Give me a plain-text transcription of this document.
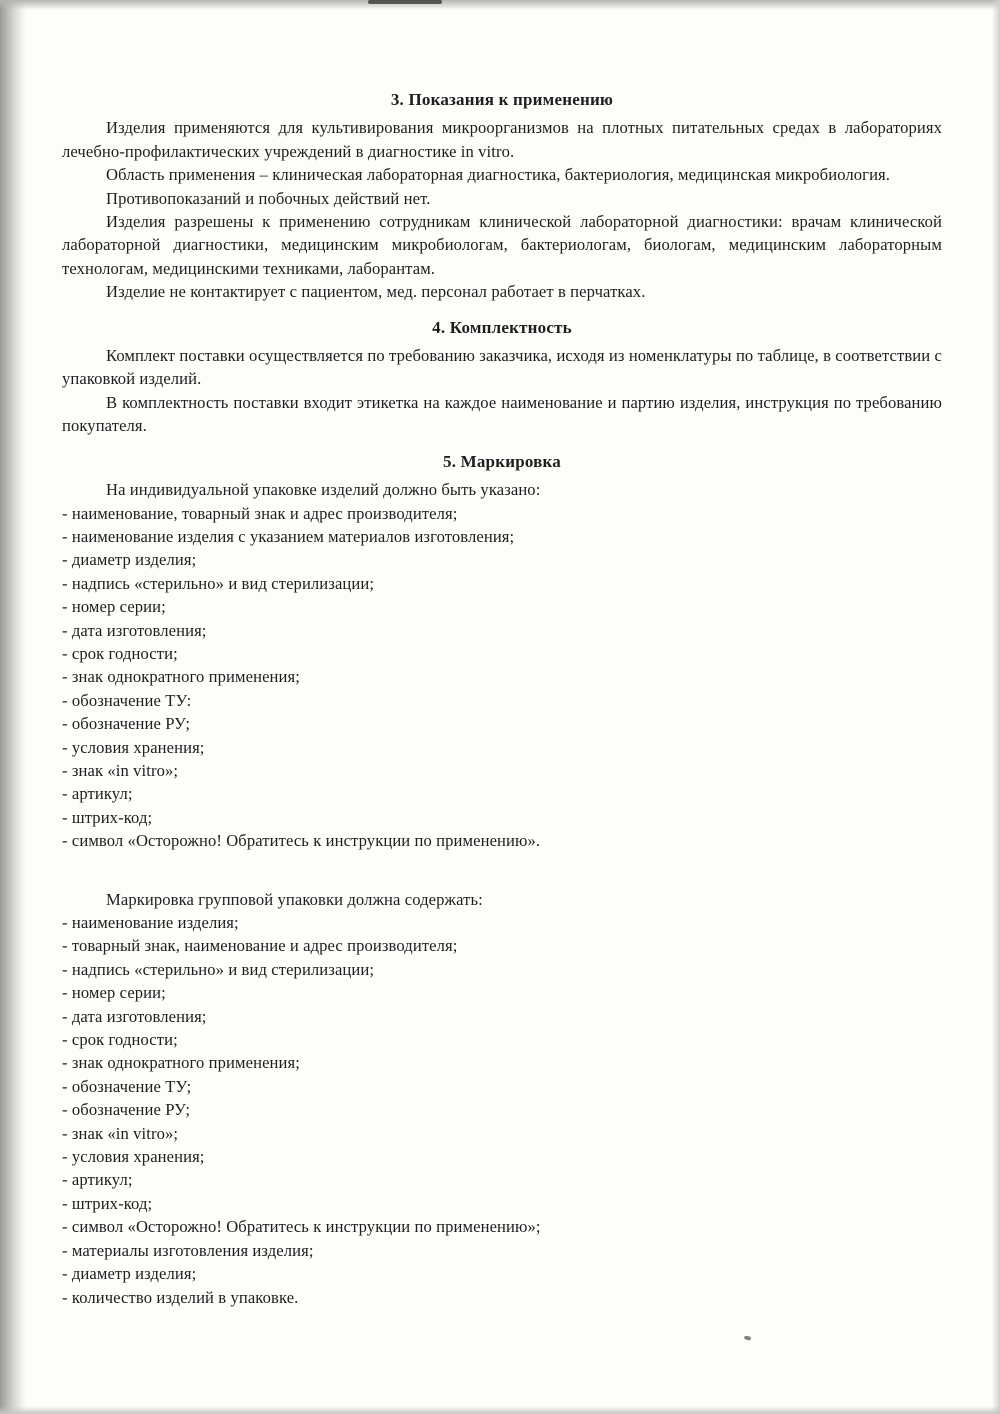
3. Показания к применению

Изделия применяются для культивирования микроорганизмов на плотных питательных средах в лабораториях лечебно-профилактических учреждений в диагностике in vitro.

Область применения – клиническая лабораторная диагностика, бактериология, медицинская микробиология.

Противопоказаний и побочных действий нет.

Изделия разрешены к применению сотрудникам клинической лабораторной диагностики: врачам клинической лабораторной диагностики, медицинским микробиологам, бактериологам, биологам, медицинским лабораторным технологам, медицинскими техниками, лаборантам.

Изделие не контактирует с пациентом, мед. персонал работает в перчатках.

4. Комплектность

Комплект поставки осуществляется по требованию заказчика, исходя из номенклатуры по таблице, в соответствии с упаковкой изделий.

В комплектность поставки входит этикетка на каждое наименование и партию изделия, инструкция по требованию покупателя.

5. Маркировка

На индивидуальной упаковке изделий должно быть указано:

- наименование, товарный знак и адрес производителя;
- наименование изделия с указанием материалов изготовления;
- диаметр изделия;
- надпись «стерильно» и вид стерилизации;
- номер серии;
- дата изготовления;
- срок годности;
- знак однократного применения;
- обозначение ТУ:
- обозначение РУ;
- условия хранения;
- знак «in vitro»;
- артикул;
- штрих-код;
- символ «Осторожно! Обратитесь к инструкции по применению».

Маркировка групповой упаковки должна содержать:

- наименование изделия;
- товарный знак, наименование и адрес производителя;
- надпись «стерильно» и вид стерилизации;
- номер серии;
- дата изготовления;
- срок годности;
- знак однократного применения;
- обозначение ТУ;
- обозначение РУ;
- знак «in vitro»;
- условия хранения;
- артикул;
- штрих-код;
- символ «Осторожно! Обратитесь к инструкции по применению»;
- материалы изготовления изделия;
- диаметр изделия;
- количество изделий в упаковке.
